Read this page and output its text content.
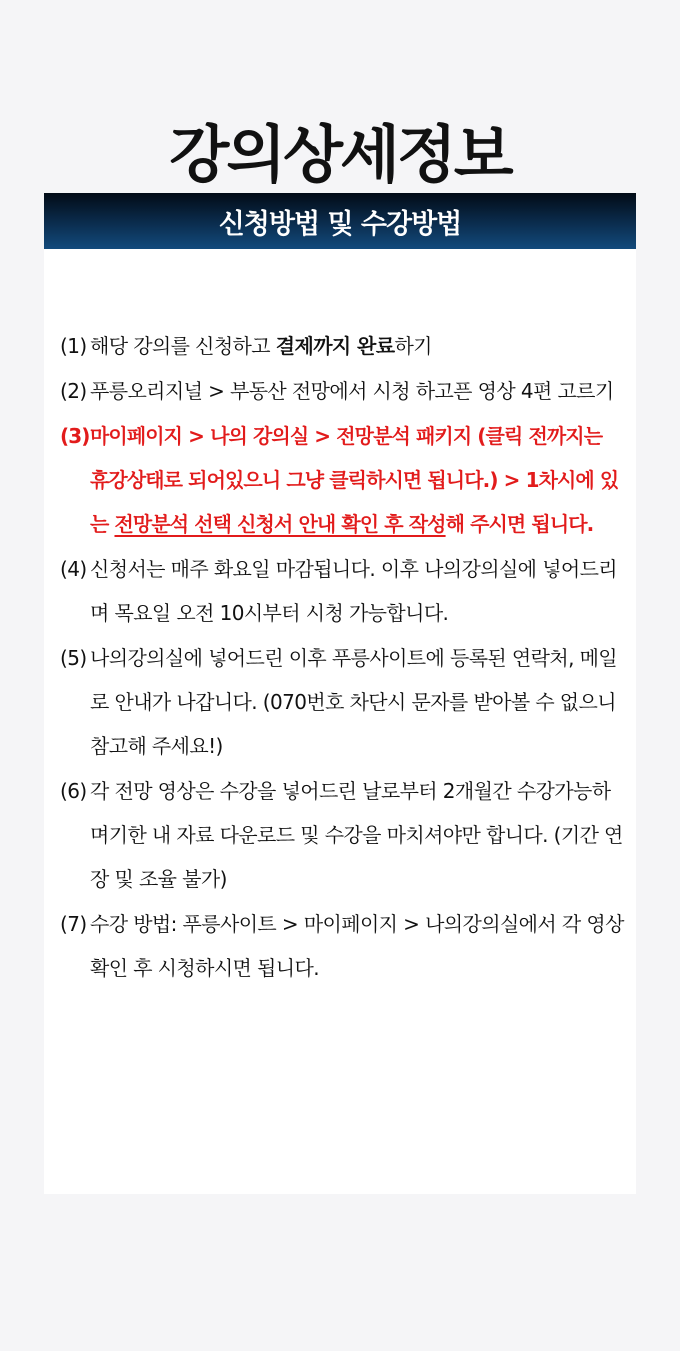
강의상세정보
신청방법 및 수강방법
(1) 해당 강의를 신청하고 결제까지 완료하기
(2) 푸릉오리지널 > 부동산 전망에서 시청 하고픈 영상 4편 고르기
(3) 마이페이지 > 나의 강의실 > 전망분석 패키지 (클릭 전까지는 휴강상태로 되어있으니 그냥 클릭하시면 됩니다.) > 1차시에 있는 전망분석 선택 신청서 안내 확인 후 작성해 주시면 됩니다.
(4) 신청서는 매주 화요일 마감됩니다. 이후 나의강의실에 넣어드리며 목요일 오전 10시부터 시청 가능합니다.
(5) 나의강의실에 넣어드린 이후 푸릉사이트에 등록된 연락처, 메일로 안내가 나갑니다. (070번호 차단시 문자를 받아볼 수 없으니 참고해 주세요!)
(6) 각 전망 영상은 수강을 넣어드린 날로부터 2개월간 수강가능하며기한 내 자료 다운로드 및 수강을 마치셔야만 합니다. (기간 연장 및 조율 불가)
(7) 수강 방법: 푸릉사이트 > 마이페이지 > 나의강의실에서 각 영상 확인 후 시청하시면 됩니다.
